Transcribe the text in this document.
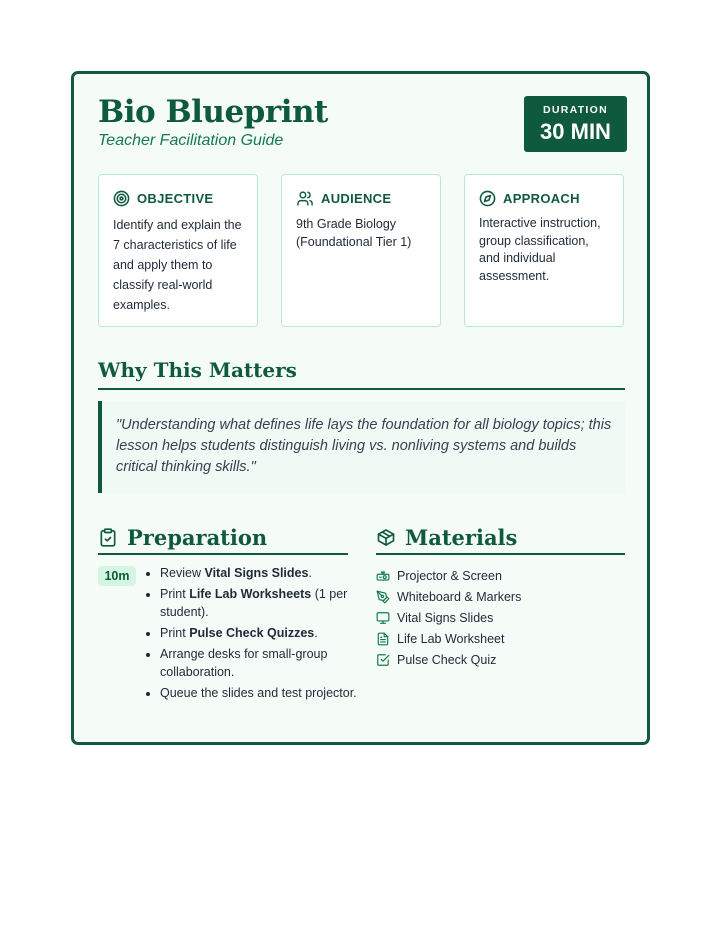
Bio Blueprint
Teacher Facilitation Guide
DURATION
30 MIN
OBJECTIVE
Identify and explain the 7 characteristics of life and apply them to classify real-world examples.
AUDIENCE
9th Grade Biology (Foundational Tier 1)
APPROACH
Interactive instruction, group classification, and individual assessment.
Why This Matters
"Understanding what defines life lays the foundation for all biology topics; this lesson helps students distinguish living vs. nonliving systems and builds critical thinking skills."
Preparation
10m
•	Review Vital Signs Slides.
• Print Life Lab Worksheets (1 per student).
• Print Pulse Check Quizzes.
• Arrange desks for small-group collaboration.
• Queue the slides and test projector.
Materials
Projector & Screen
Whiteboard & Markers
Vital Signs Slides
Life Lab Worksheet
Pulse Check Quiz
